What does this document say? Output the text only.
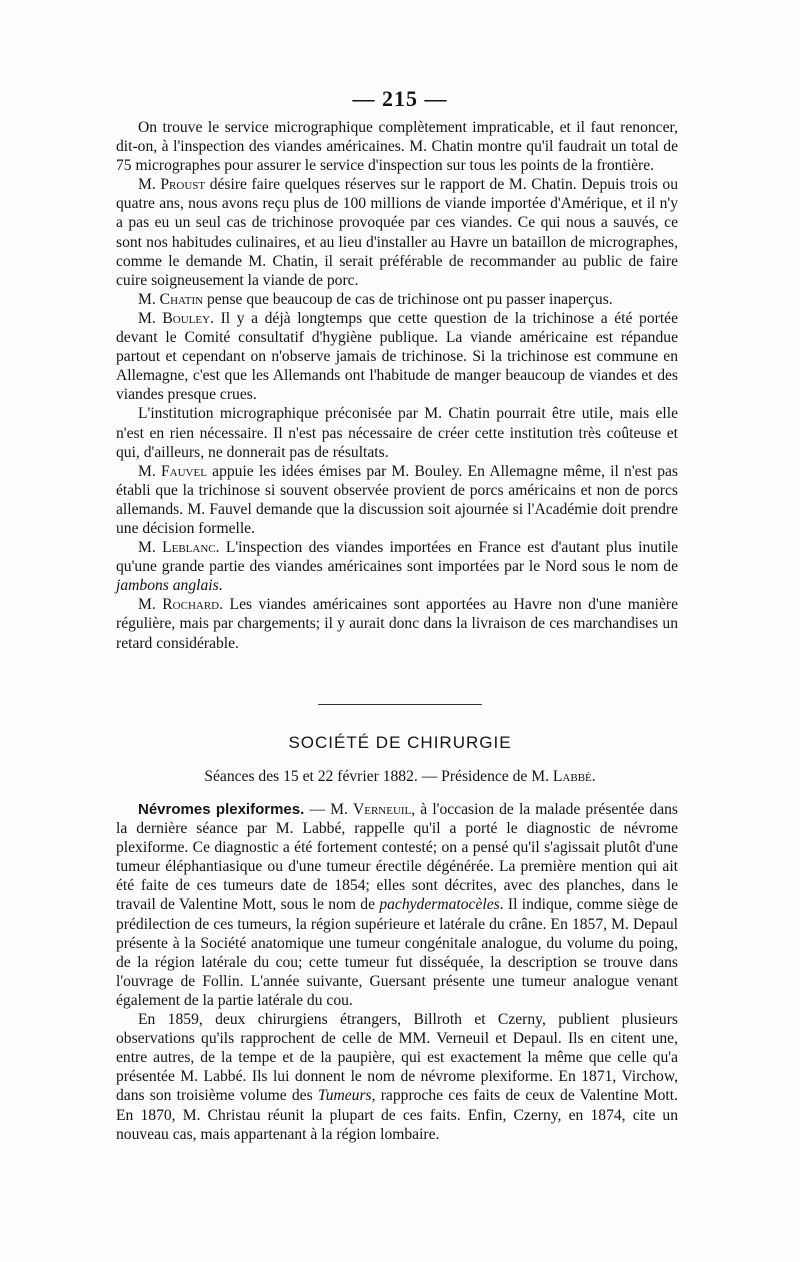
— 215 —

On trouve le service micrographique complètement impraticable, et il faut renoncer, dit-on, à l'inspection des viandes américaines. M. Chatin montre qu'il faudrait un total de 75 micrographes pour assurer le service d'inspection sur tous les points de la frontière.

M. Proust désire faire quelques réserves sur le rapport de M. Chatin. Depuis trois ou quatre ans, nous avons reçu plus de 100 millions de viande importée d'Amérique, et il n'y a pas eu un seul cas de trichinose provoquée par ces viandes. Ce qui nous a sauvés, ce sont nos habitudes culinaires, et au lieu d'installer au Havre un bataillon de micrographes, comme le demande M. Chatin, il serait préférable de recommander au public de faire cuire soigneusement la viande de porc.

M. Chatin pense que beaucoup de cas de trichinose ont pu passer inaperçus.

M. Bouley. Il y a déjà longtemps que cette question de la trichinose a été portée devant le Comité consultatif d'hygiène publique. La viande américaine est répandue partout et cependant on n'observe jamais de trichinose. Si la trichinose est commune en Allemagne, c'est que les Allemands ont l'habitude de manger beaucoup de viandes et des viandes presque crues.

L'institution micrographique préconisée par M. Chatin pourrait être utile, mais elle n'est en rien nécessaire. Il n'est pas nécessaire de créer cette institution très coûteuse et qui, d'ailleurs, ne donnerait pas de résultats.

M. Fauvel appuie les idées émises par M. Bouley. En Allemagne même, il n'est pas établi que la trichinose si souvent observée provient de porcs américains et non de porcs allemands. M. Fauvel demande que la discussion soit ajournée si l'Académie doit prendre une décision formelle.

M. Leblanc. L'inspection des viandes importées en France est d'autant plus inutile qu'une grande partie des viandes américaines sont importées par le Nord sous le nom de jambons anglais.

M. Rochard. Les viandes américaines sont apportées au Havre non d'une manière régulière, mais par chargements; il y aurait donc dans la livraison de ces marchandises un retard considérable.

SOCIÉTÉ DE CHIRURGIE
Séances des 15 et 22 février 1882. — Présidence de M. Labbé.

Névromes plexiformes. — M. Verneuil, à l'occasion de la malade présentée dans la dernière séance par M. Labbé, rappelle qu'il a porté le diagnostic de névrome plexiforme. Ce diagnostic a été fortement contesté; on a pensé qu'il s'agissait plutôt d'une tumeur éléphantiasique ou d'une tumeur érectile dégénérée. La première mention qui ait été faite de ces tumeurs date de 1854; elles sont décrites, avec des planches, dans le travail de Valentine Mott, sous le nom de pachydermatocèles. Il indique, comme siège de prédilection de ces tumeurs, la région supérieure et latérale du crâne. En 1857, M. Depaul présente à la Société anatomique une tumeur congénitale analogue, du volume du poing, de la région latérale du cou; cette tumeur fut disséquée, la description se trouve dans l'ouvrage de Follin. L'année suivante, Guersant présente une tumeur analogue venant également de la partie latérale du cou.

En 1859, deux chirurgiens étrangers, Billroth et Czerny, publient plusieurs observations qu'ils rapprochent de celle de MM. Verneuil et Depaul. Ils en citent une, entre autres, de la tempe et de la paupière, qui est exactement la même que celle qu'a présentée M. Labbé. Ils lui donnent le nom de névrome plexiforme. En 1871, Virchow, dans son troisième volume des Tumeurs, rapproche ces faits de ceux de Valentine Mott. En 1870, M. Christau réunit la plupart de ces faits. Enfin, Czerny, en 1874, cite un nouveau cas, mais appartenant à la région lombaire.
